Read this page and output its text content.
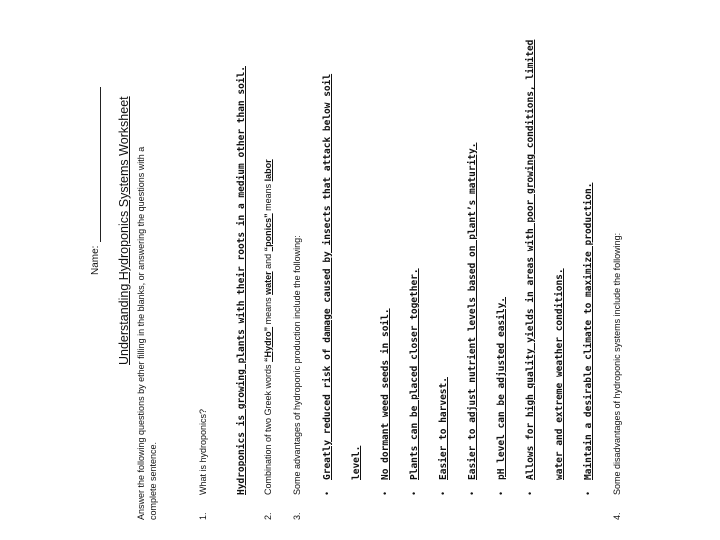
Name: Understanding Hydroponics Systems Worksheet Answer the following questions by ether filling in the blanks, or answering the questions with a complete sentence.	1.
What is hydroponics?	Hydroponics is growing plants with their roots in a medium other than soil.
2.
Combination of two Greek words “Hydro” means water and “ponics” means labor
3.
Some advantages of hydroponic production include the following: •
Greatly reduced risk of damage caused by insects that attack below soil level.
•
No dormant weed seeds in soil.
•
Plants can be placed closer together.
•
Easier to harvest.
•
Easier to adjust nutrient levels based on plant’s maturity.
•
pH level can be adjusted easily.
•
Allows for high quality yields in areas with poor growing conditions, limited water and extreme weather conditions.
•
Maintain a desirable climate to maximize production.
4.
Some disadvantages of hydroponic systems include the following:
